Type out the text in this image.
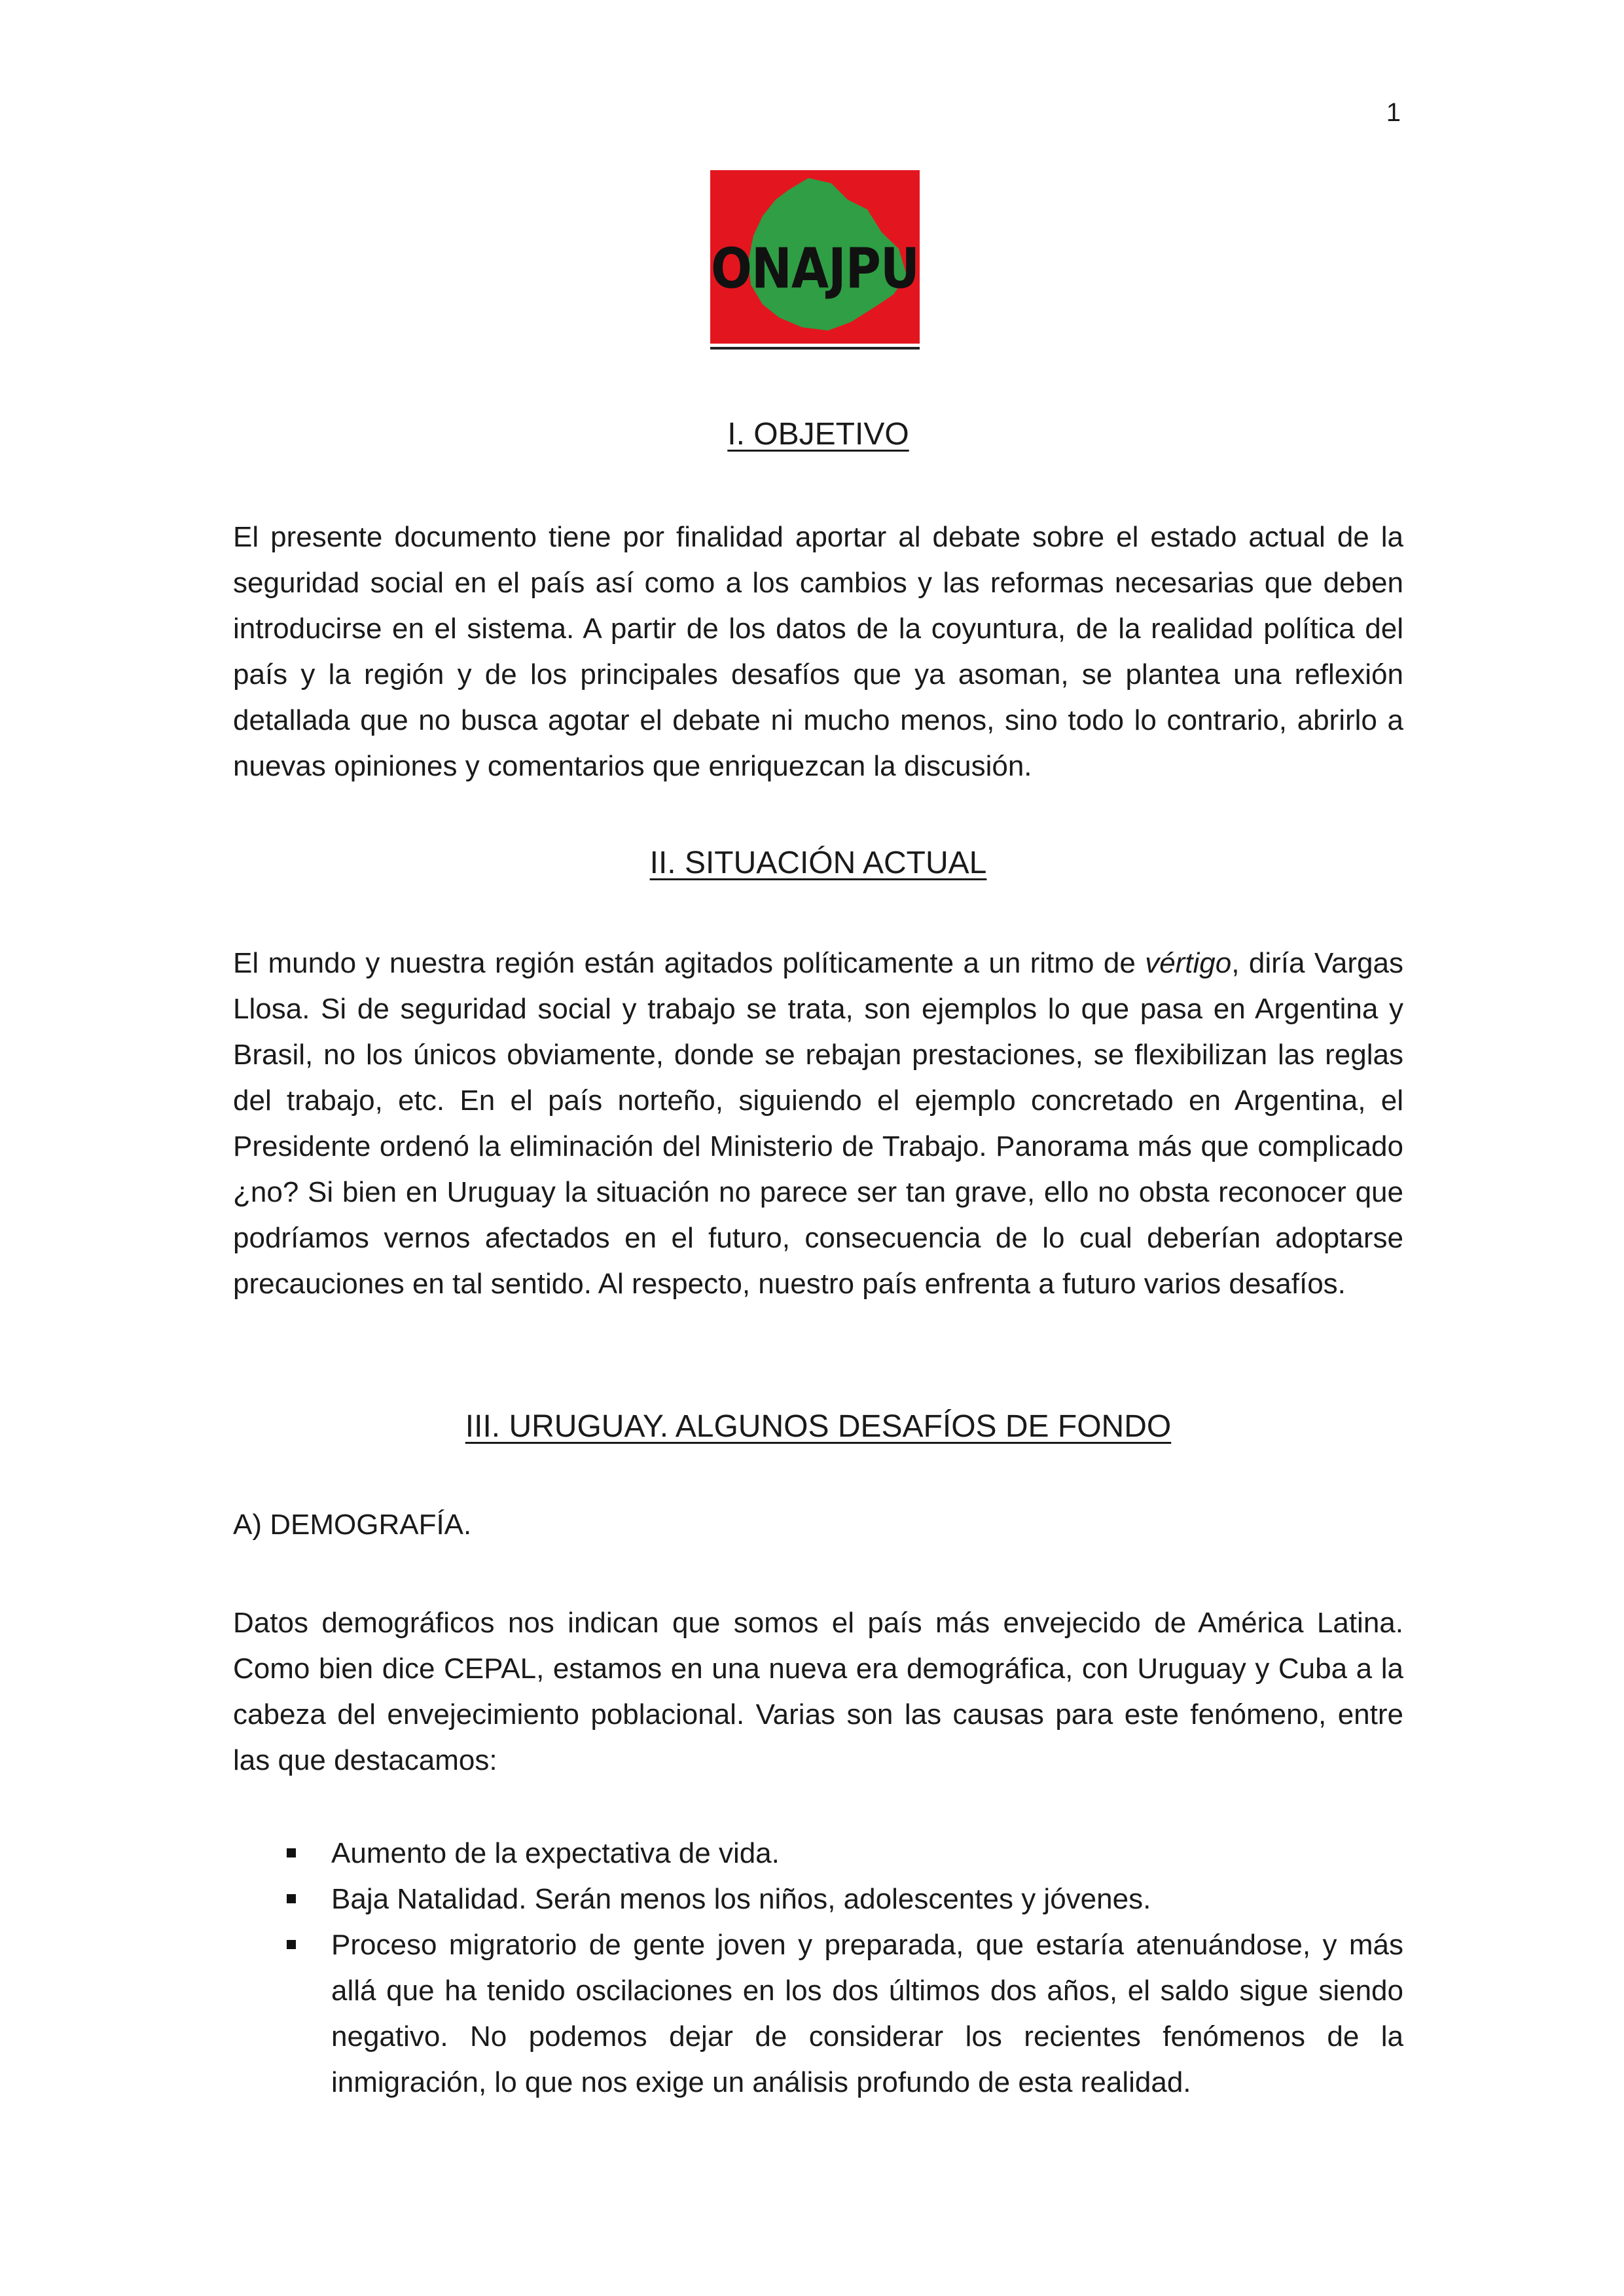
1
ONAJPU
I. OBJETIVO

El presente documento tiene por finalidad aportar al debate sobre el estado actual de la seguridad social en el país así como a los cambios y las reformas necesarias que deben introducirse en el sistema. A partir de los datos de la coyuntura, de la realidad política del país y la región y de los principales desafíos que ya asoman, se plantea una reflexión detallada que no busca agotar el debate ni mucho menos, sino todo lo contrario, abrirlo a nuevas opiniones y comentarios que enriquezcan la discusión.

II. SITUACIÓN ACTUAL

El mundo y nuestra región están agitados políticamente a un ritmo de vértigo, diría Vargas Llosa. Si de seguridad social y trabajo se trata, son ejemplos lo que pasa en Argentina y Brasil, no los únicos obviamente, donde se rebajan prestaciones, se flexibilizan las reglas del trabajo, etc. En el país norteño, siguiendo el ejemplo concretado en Argentina, el Presidente ordenó la eliminación del Ministerio de Trabajo. Panorama más que complicado ¿no? Si bien en Uruguay la situación no parece ser tan grave, ello no obsta reconocer que podríamos vernos afectados en el futuro, consecuencia de lo cual deberían adoptarse precauciones en tal sentido. Al respecto, nuestro país enfrenta a futuro varios desafíos.

III. URUGUAY. ALGUNOS DESAFÍOS DE FONDO

A) DEMOGRAFÍA.

Datos demográficos nos indican que somos el país más envejecido de América Latina. Como bien dice CEPAL, estamos en una nueva era demográfica, con Uruguay y Cuba a la cabeza del envejecimiento poblacional. Varias son las causas para este fenómeno, entre las que destacamos:

Aumento de la expectativa de vida.
Baja Natalidad. Serán menos los niños, adolescentes y jóvenes.
Proceso migratorio de gente joven y preparada, que estaría atenuándose, y más allá que ha tenido oscilaciones en los dos últimos dos años, el saldo sigue siendo negativo. No podemos dejar de considerar los recientes fenómenos de la inmigración, lo que nos exige un análisis profundo de esta realidad.
